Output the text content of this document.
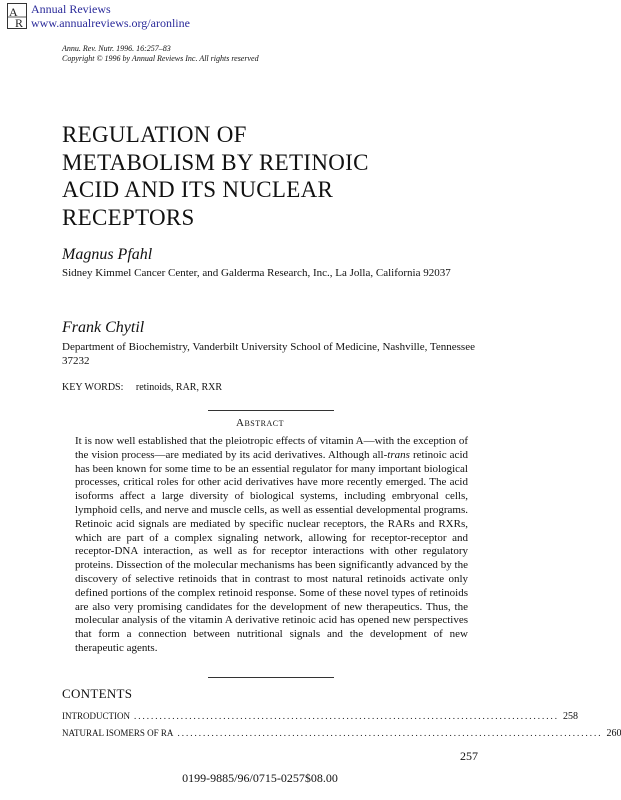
A
R
Annual Reviews
www.annualreviews.org/aronline
Annu. Rev. Nutr. 1996. 16:257–83
Copyright © 1996 by Annual Reviews Inc. All rights reserved
REGULATION OF
METABOLISM BY RETINOIC
ACID AND ITS NUCLEAR
RECEPTORS
Magnus Pfahl
Sidney Kimmel Cancer Center, and Galderma Research, Inc., La Jolla, California 92037
Frank Chytil
Department of Biochemistry, Vanderbilt University School of Medicine, Nashville, Tennessee 37232
KEY WORDS: retinoids, RAR, RXR
Abstract
It is now well established that the pleiotropic effects of vitamin A—with the exception of the vision process—are mediated by its acid derivatives. Although all-trans retinoic acid has been known for some time to be an essential regulator for many important biological processes, critical roles for other acid derivatives have more recently emerged. The acid isoforms affect a large diversity of biological systems, including embryonal cells, lymphoid cells, and nerve and muscle cells, as well as essential developmental programs. Retinoic acid signals are mediated by specific nuclear receptors, the RARs and RXRs, which are part of a complex signaling network, allowing for receptor-receptor and receptor-DNA interaction, as well as for receptor interactions with other regulatory proteins. Dissection of the molecular mechanisms has been significantly advanced by the discovery of selective retinoids that in contrast to most natural retinoids activate only defined portions of the complex retinoid response. Some of these novel types of retinoids are also very promising candidates for the development of new therapeutics. Thus, the molecular analysis of the vitamin A derivative retinoic acid has opened new perspectives that form a connection between nutritional signals and the development of new therapeutic agents.
CONTENTS
INTRODUCTION .................................................................................................... 258
NATURAL ISOMERS OF RA .................................................................................................... 260
257
0199-9885/96/0715-0257$08.00
